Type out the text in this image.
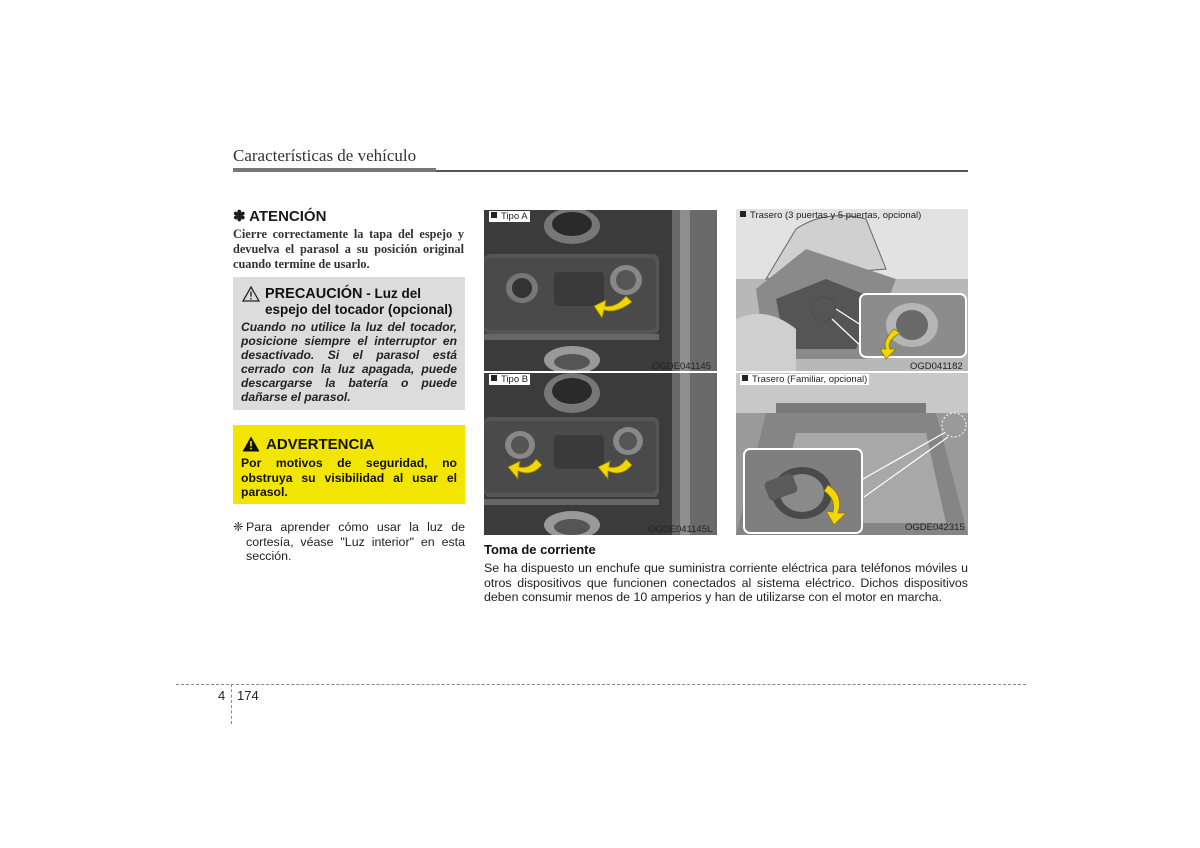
Características de vehículo
✽ ATENCIÓN
Cierre correctamente la tapa del espejo y devuelva el parasol a su posición original cuando termine de usarlo.
PRECAUCIÓN - Luz del espejo del tocador (opcional)
Cuando no utilice la luz del tocador, posicione siempre el interruptor en desactivado. Si el parasol está cerrado con la luz apagada, puede descargarse la batería o puede dañarse el parasol.
ADVERTENCIA
Por motivos de seguridad, no obstruya su visibilidad al usar el parasol.
❈ Para aprender cómo usar la luz de cortesía, véase "Luz interior" en esta sección.
Tipo A
OGDE041145
Trasero (3 puertas y 5 puertas, opcional)
OGD041182
Tipo B
OGDE041145L
Trasero (Familiar, opcional)
OGDE042315
Toma de corriente
Se ha dispuesto un enchufe que suministra corriente eléctrica para teléfonos móviles u otros dispositivos que funcionen conectados al sistema eléctrico. Dichos dispositivos deben consumir menos de 10 amperios y han de utilizarse con el motor en marcha.
4 174
